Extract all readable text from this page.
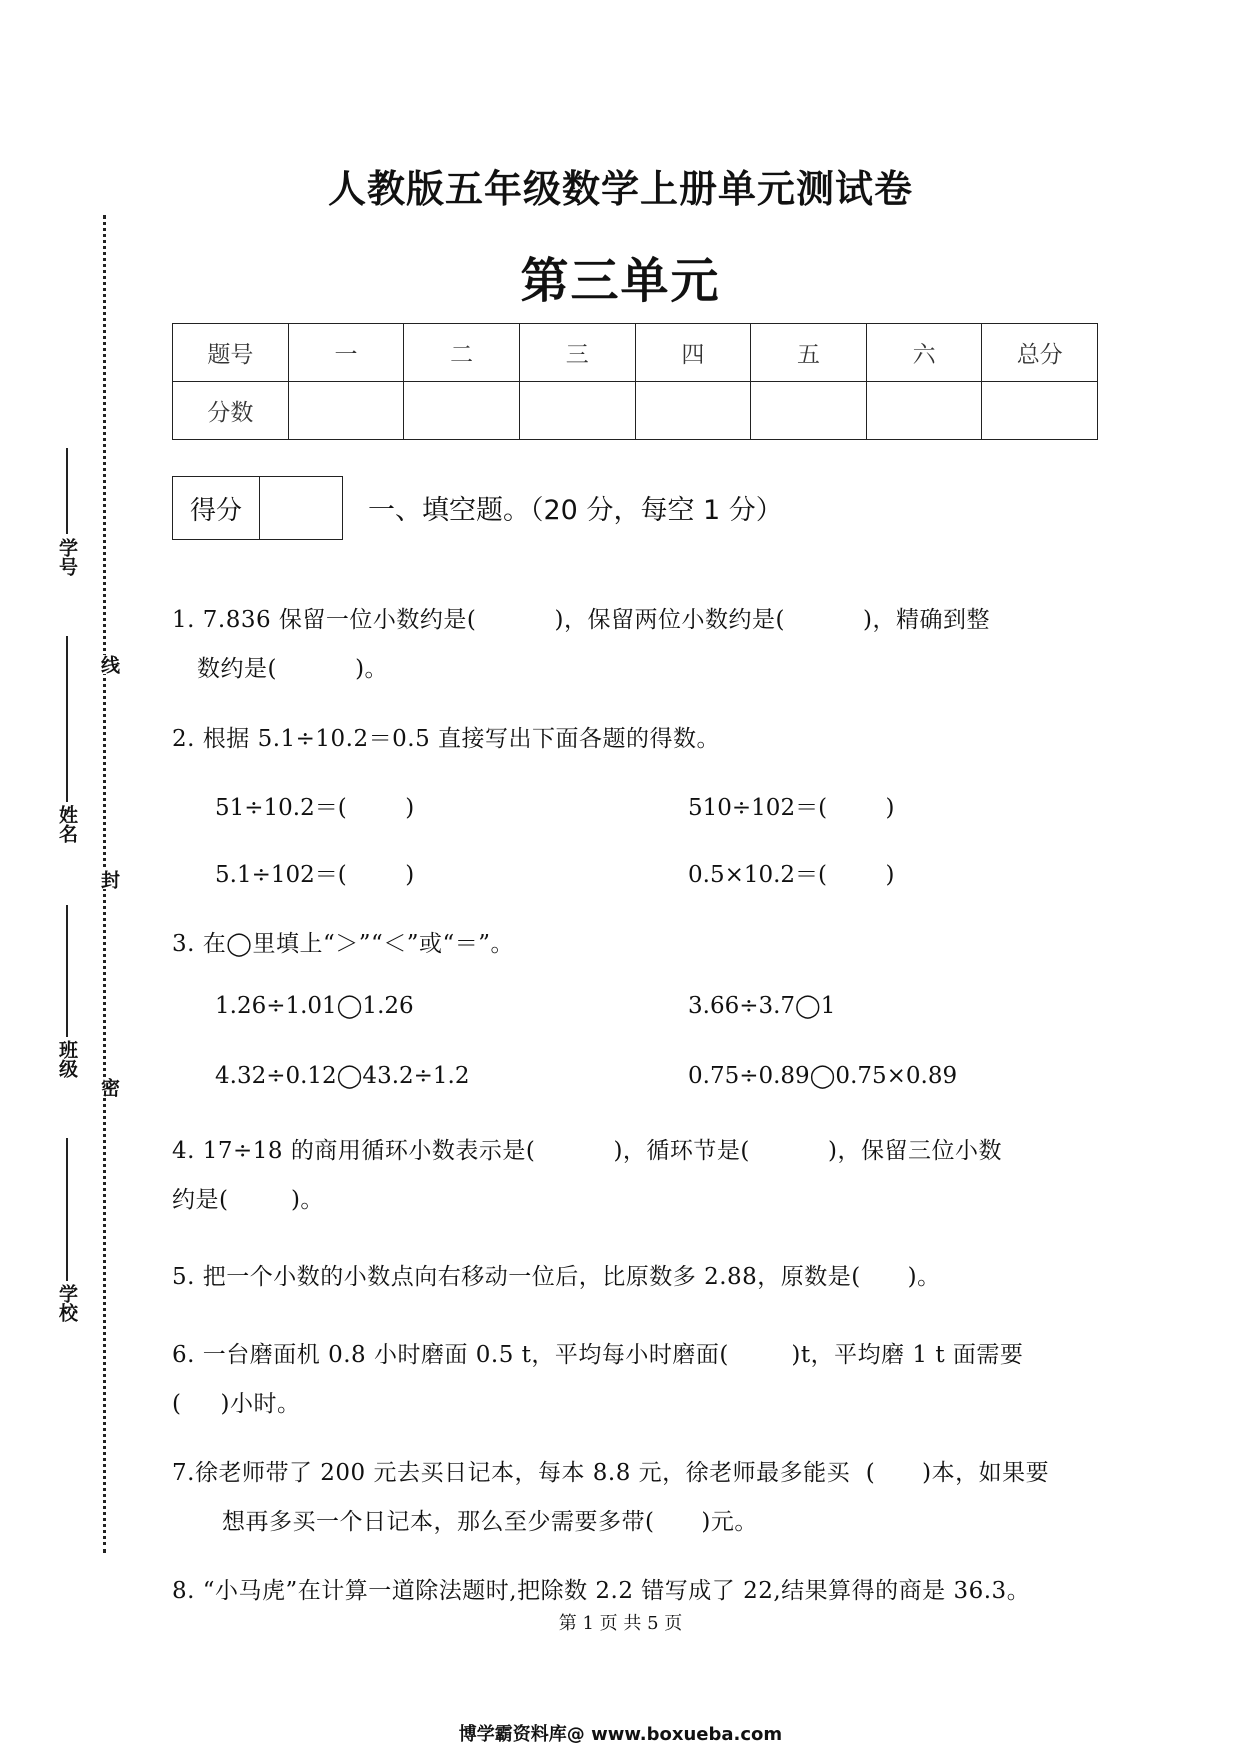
学号
姓名
班级
学校
线
封
密
人教版五年级数学上册单元测试卷
第三单元
题号	一	二	三	四	五	六	总分
分数							
得分	一、填空题。（20 分，每空 1 分）
1. 7.836 保留一位小数约是(          )，保留两位小数约是(          )，精确到整
数约是(          )。
2. 根据 5.1÷10.2＝0.5 直接写出下面各题的得数。
51÷10.2＝(        )	510÷102＝(        )
5.1÷102＝(        )	0.5×10.2＝(        )
3. 在◯里填上“＞”“＜”或“＝”。
1.26÷1.01◯1.26	3.66÷3.7◯1
4.32÷0.12◯43.2÷1.2	0.75÷0.89◯0.75×0.89
4. 17÷18 的商用循环小数表示是(          )，循环节是(          )，保留三位小数
约是(        )。
5. 把一个小数的小数点向右移动一位后，比原数多 2.88，原数是(      )。
6. 一台磨面机 0.8 小时磨面 0.5 t，平均每小时磨面(        )t，平均磨 1 t 面需要
(     )小时。
7.徐老师带了 200 元去买日记本，每本 8.8 元，徐老师最多能买  (      )本，如果要
想再多买一个日记本，那么至少需要多带(      )元。
8. “小马虎”在计算一道除法题时,把除数 2.2 错写成了 22,结果算得的商是 36.3。
第 1 页 共 5 页
博学霸资料库@ www.boxueba.com
